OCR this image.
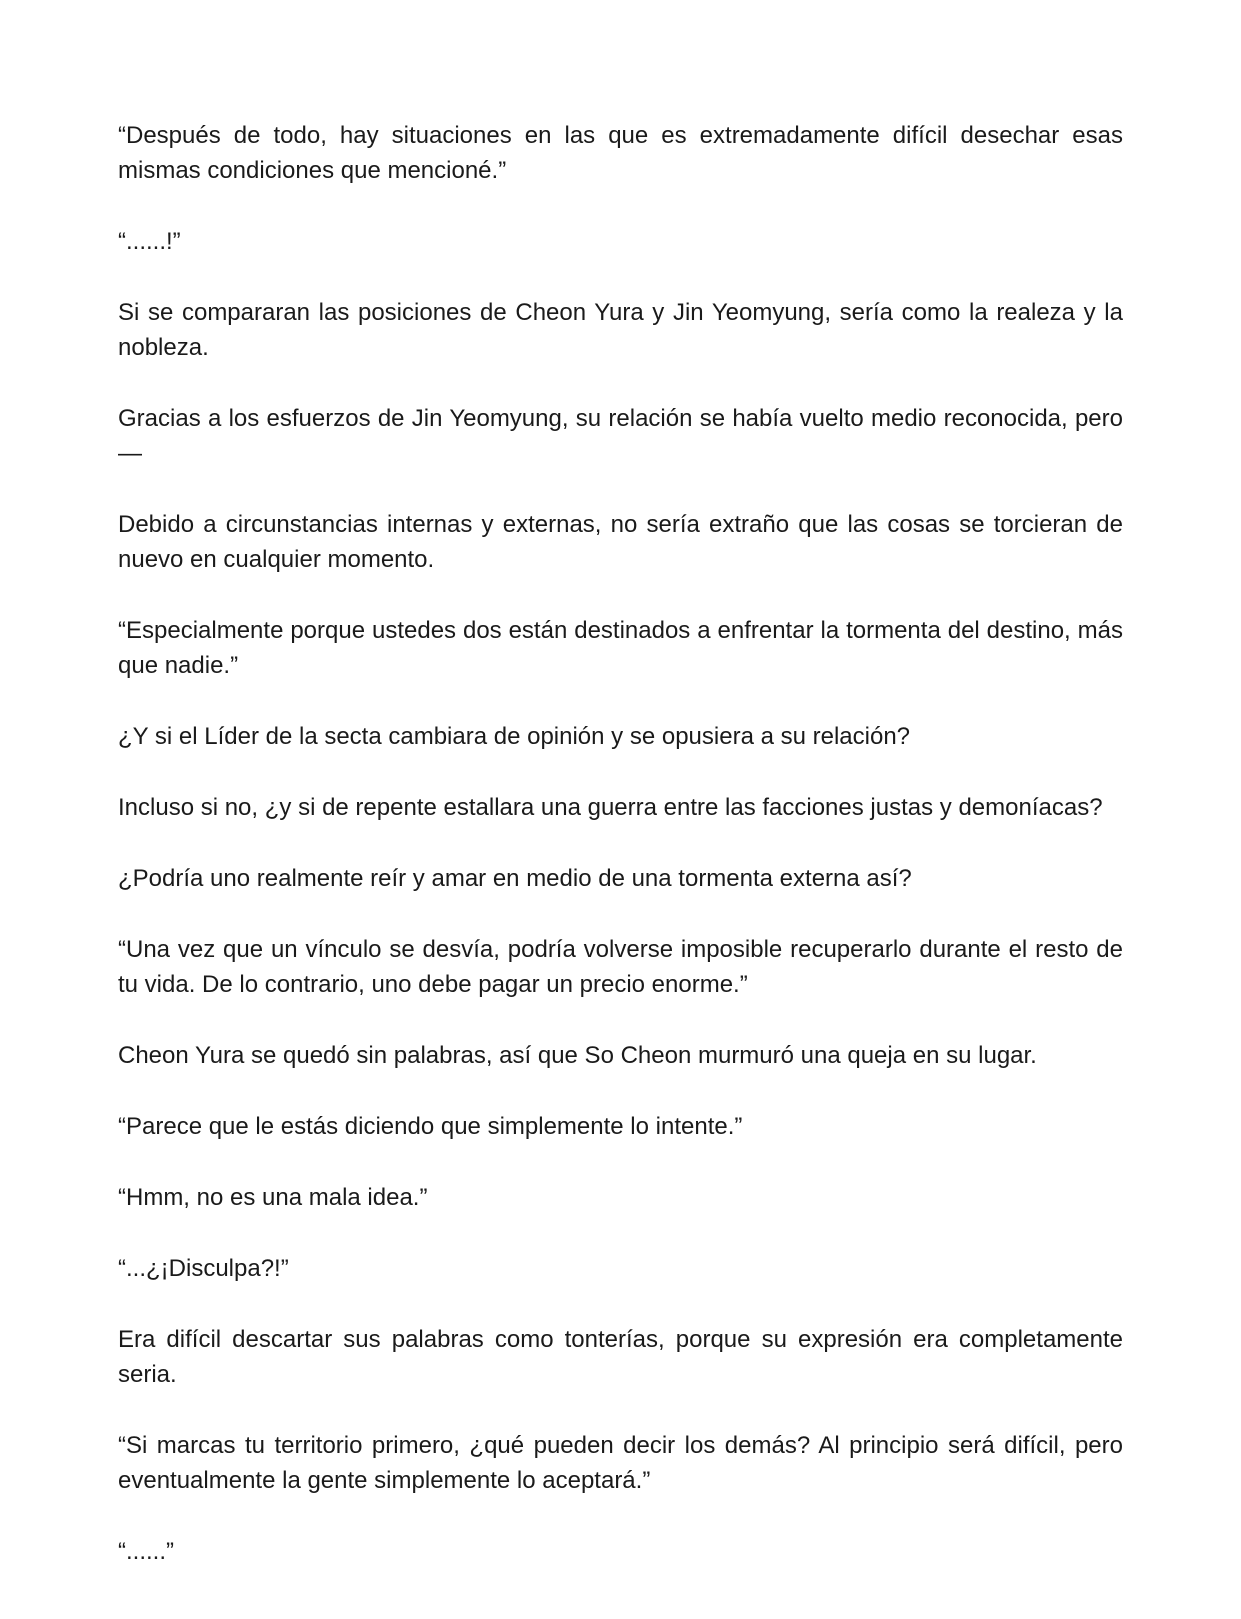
“Después de todo, hay situaciones en las que es extremadamente difícil desechar esas mismas condiciones que mencioné.”

“......!”

Si se compararan las posiciones de Cheon Yura y Jin Yeomyung, sería como la realeza y la nobleza.

Gracias a los esfuerzos de Jin Yeomyung, su relación se había vuelto medio reconocida, pero—

Debido a circunstancias internas y externas, no sería extraño que las cosas se torcieran de nuevo en cualquier momento.

“Especialmente porque ustedes dos están destinados a enfrentar la tormenta del destino, más que nadie.”

¿Y si el Líder de la secta cambiara de opinión y se opusiera a su relación?

Incluso si no, ¿y si de repente estallara una guerra entre las facciones justas y demoníacas?

¿Podría uno realmente reír y amar en medio de una tormenta externa así?

“Una vez que un vínculo se desvía, podría volverse imposible recuperarlo durante el resto de tu vida. De lo contrario, uno debe pagar un precio enorme.”

Cheon Yura se quedó sin palabras, así que So Cheon murmuró una queja en su lugar.

“Parece que le estás diciendo que simplemente lo intente.”

“Hmm, no es una mala idea.”

“...¿¡Disculpa?!”

Era difícil descartar sus palabras como tonterías, porque su expresión era completamente seria.

“Si marcas tu territorio primero, ¿qué pueden decir los demás? Al principio será difícil, pero eventualmente la gente simplemente lo aceptará.”

“......”
